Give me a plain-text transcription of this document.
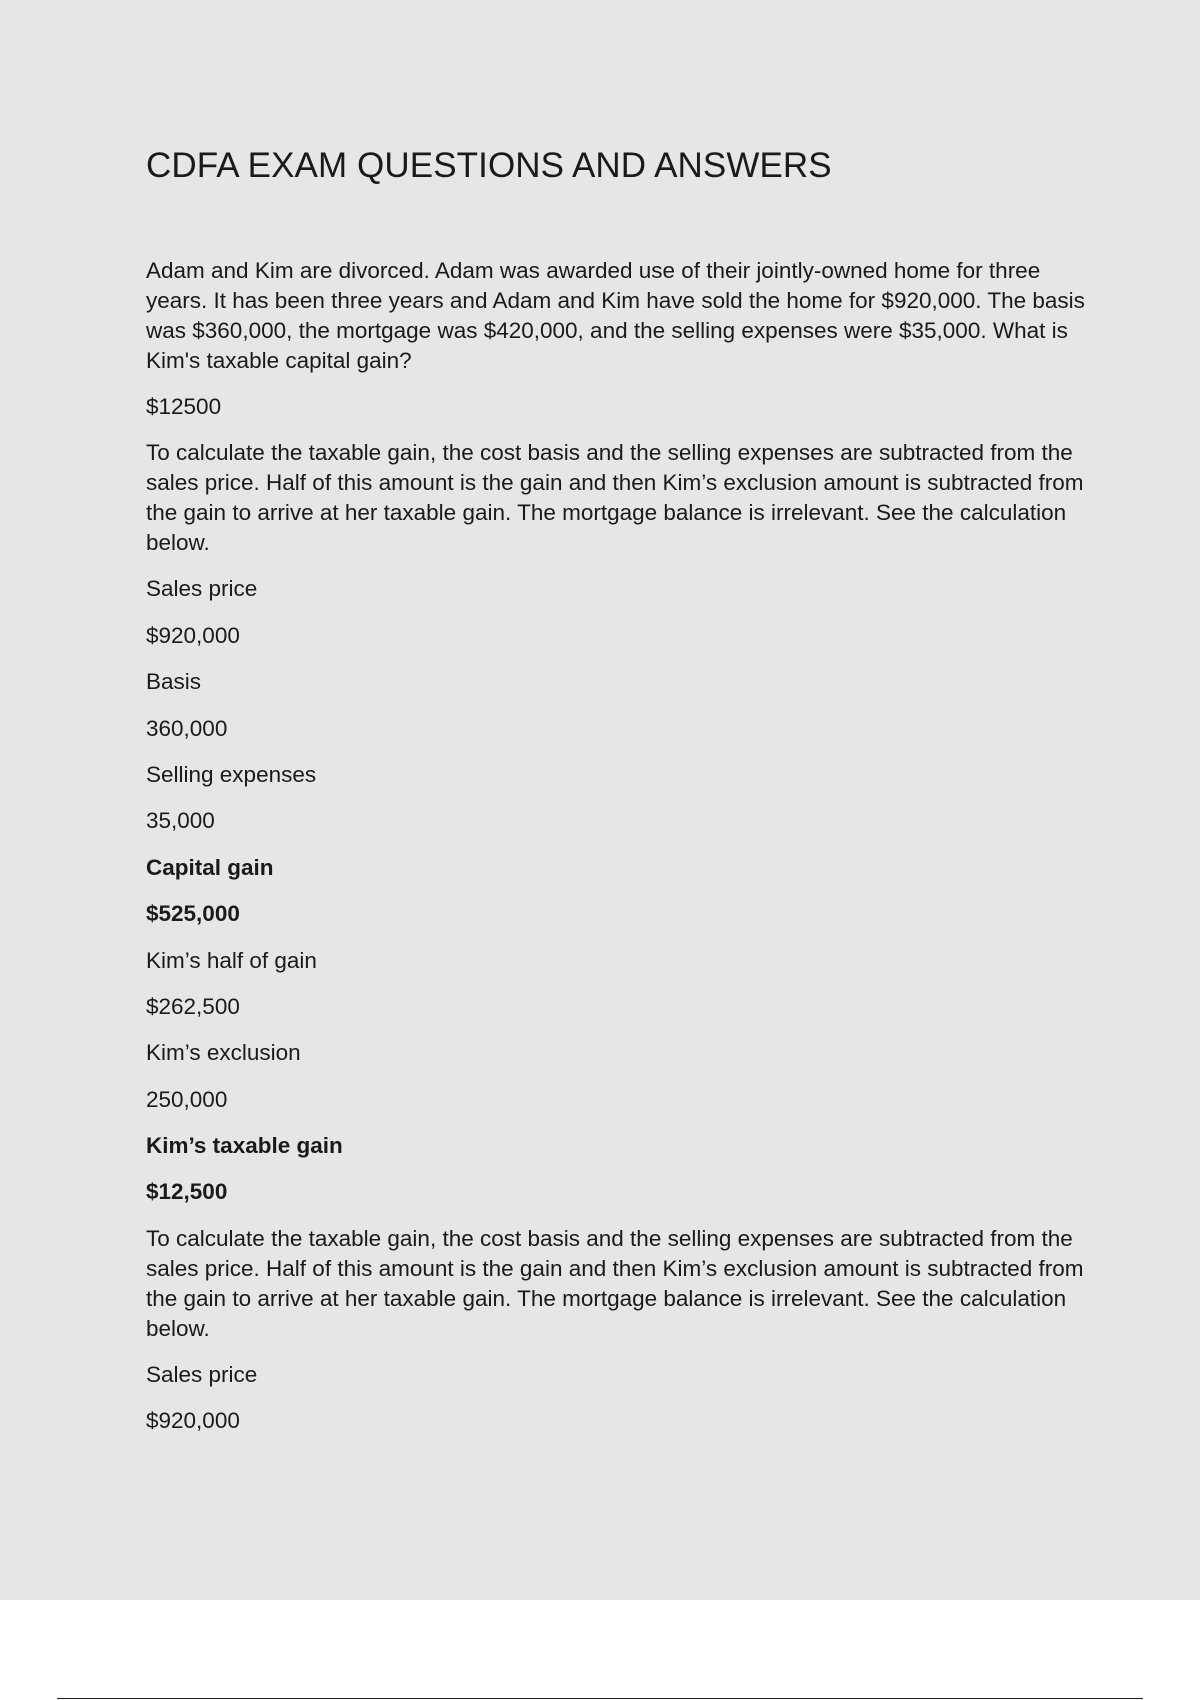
CDFA EXAM QUESTIONS AND ANSWERS

Adam and Kim are divorced. Adam was awarded use of their jointly-owned home for three years. It has been three years and Adam and Kim have sold the home for $920,000. The basis was $360,000, the mortgage was $420,000, and the selling expenses were $35,000. What is Kim's taxable capital gain?

$12500

To calculate the taxable gain, the cost basis and the selling expenses are subtracted from the sales price. Half of this amount is the gain and then Kim’s exclusion amount is subtracted from the gain to arrive at her taxable gain. The mortgage balance is irrelevant. See the calculation below.

Sales price

$920,000

Basis

360,000

Selling expenses

35,000

Capital gain

$525,000

Kim’s half of gain

$262,500

Kim’s exclusion

250,000

Kim’s taxable gain

$12,500

To calculate the taxable gain, the cost basis and the selling expenses are subtracted from the sales price. Half of this amount is the gain and then Kim’s exclusion amount is subtracted from the gain to arrive at her taxable gain. The mortgage balance is irrelevant. See the calculation below.

Sales price

$920,000
